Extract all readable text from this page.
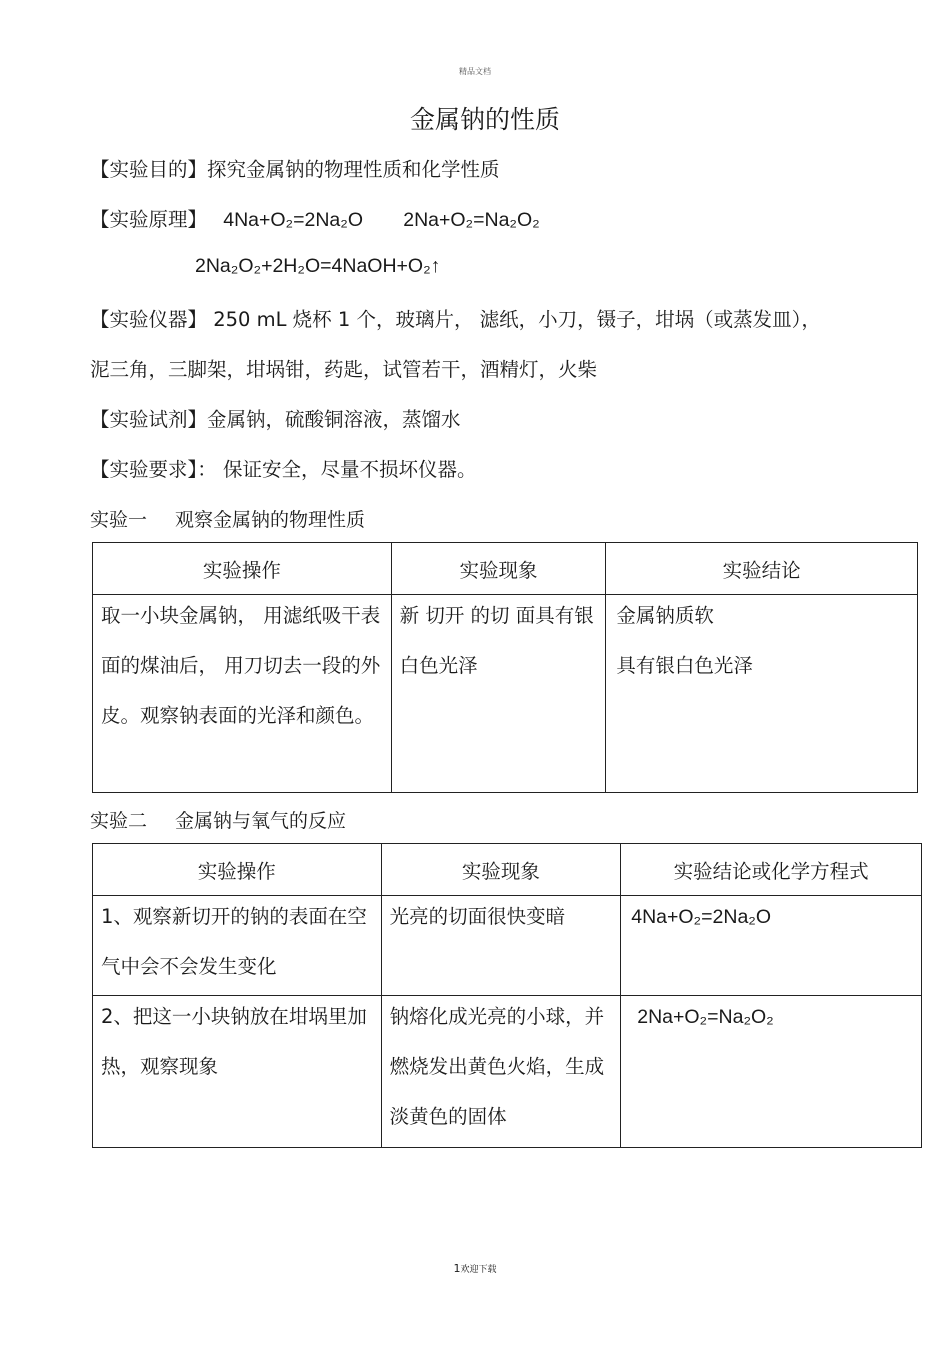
精品文档
金属钠的性质
【实验目的】探究金属钠的物理性质和化学性质
【实验原理】 4Na+O₂=2Na₂O 2Na+O₂=Na₂O₂
2Na₂O₂+2H₂O=4NaOH+O₂↑
【实验仪器】 250 mL 烧杯 1 个，玻璃片， 滤纸，小刀，镊子，坩埚（或蒸发皿），
泥三角，三脚架，坩埚钳，药匙，试管若干，酒精灯，火柴
【实验试剂】金属钠，硫酸铜溶液，蒸馏水
【实验要求】： 保证安全，尽量不损坏仪器。
实验一 观察金属钠的物理性质
实验操作	实验现象	实验结论

取一小块金属钠， 用滤纸吸干表面的煤油后， 用刀切去一段的外皮。观察钠表面的光泽和颜色。	新 切开 的切 面具有银白色光泽	金属钠质软
具有银白色光泽
实验二 金属钠与氧气的反应
实验操作	实验现象	实验结论或化学方程式

1、观察新切开的钠的表面在空气中会不会发生变化	光亮的切面很快变暗	4Na+O₂=2Na₂O

2、把这一小块钠放在坩埚里加热，观察现象	钠熔化成光亮的小球，并燃烧发出黄色火焰，生成淡黄色的固体	2Na+O₂=Na₂O₂
1欢迎下载
